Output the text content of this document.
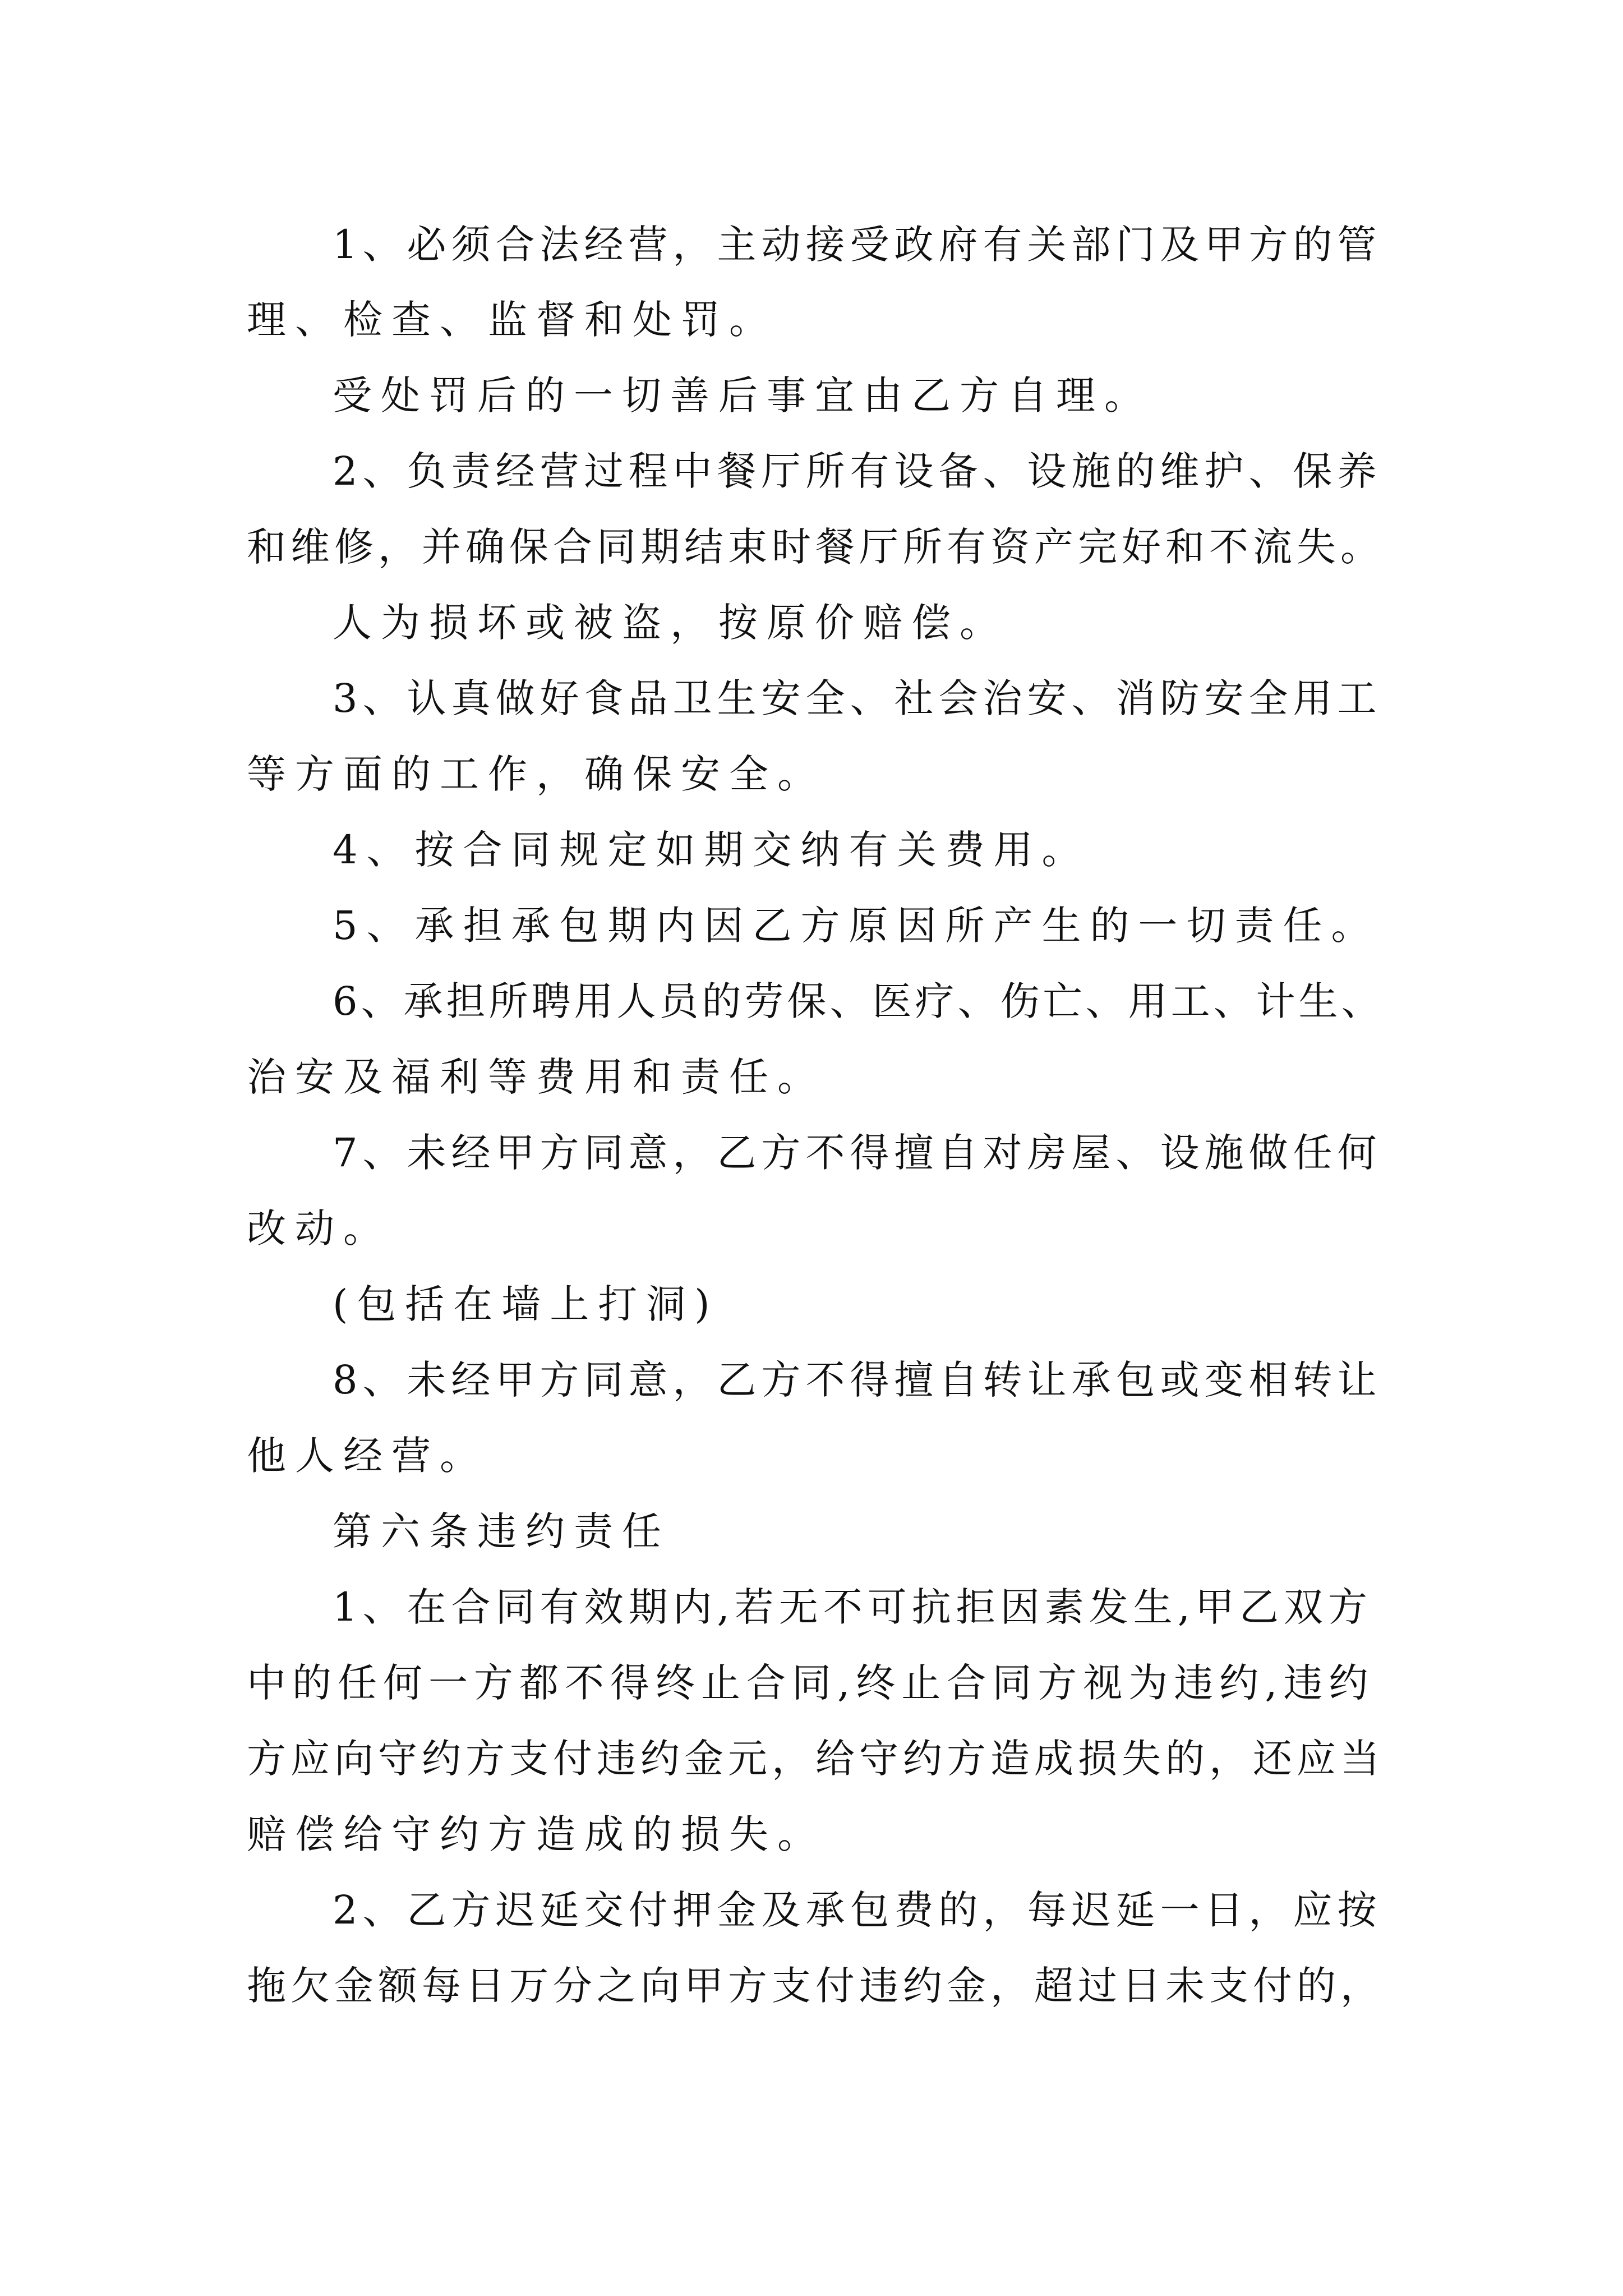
1、必须合法经营，主动接受政府有关部门及甲方的管

理、检查、监督和处罚。

受处罚后的一切善后事宜由乙方自理。

2、负责经营过程中餐厅所有设备、设施的维护、保养

和维修，并确保合同期结束时餐厅所有资产完好和不流失。

人为损坏或被盗，按原价赔偿。

3、认真做好食品卫生安全、社会治安、消防安全用工

等方面的工作，确保安全。

4、按合同规定如期交纳有关费用。

5、承担承包期内因乙方原因所产生的一切责任。

6、承担所聘用人员的劳保、医疗、伤亡、用工、计生、

治安及福利等费用和责任。

7、未经甲方同意，乙方不得擅自对房屋、设施做任何

改动。

(包括在墙上打洞)

8、未经甲方同意，乙方不得擅自转让承包或变相转让

他人经营。

第六条违约责任

1、在合同有效期内,若无不可抗拒因素发生,甲乙双方

中的任何一方都不得终止合同,终止合同方视为违约,违约

方应向守约方支付违约金元，给守约方造成损失的，还应当

赔偿给守约方造成的损失。

2、乙方迟延交付押金及承包费的，每迟延一日，应按

拖欠金额每日万分之向甲方支付违约金，超过日未支付的，
